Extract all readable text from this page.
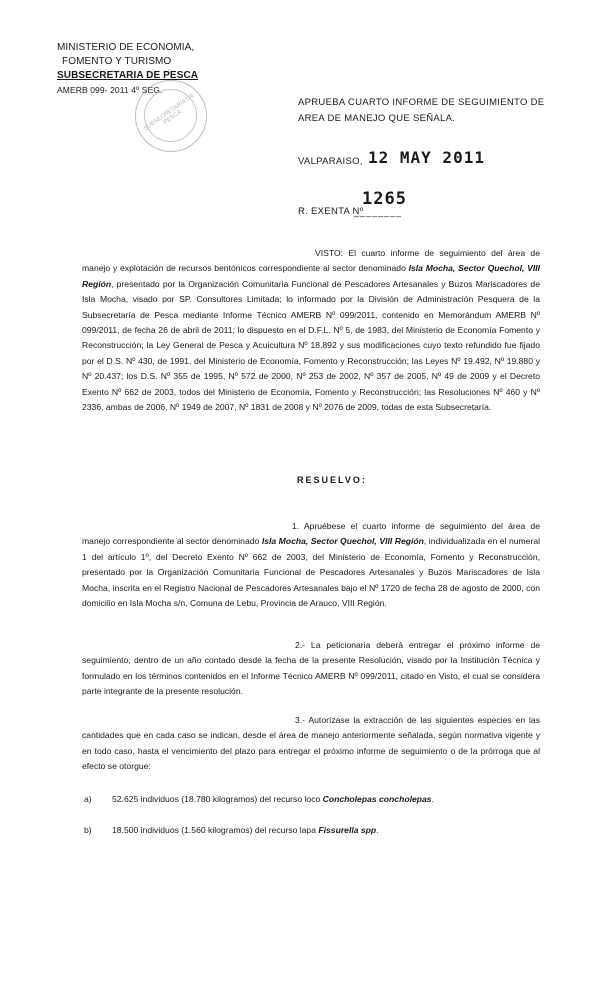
MINISTERIO DE ECONOMIA,
FOMENTO Y TURISMO
SUBSECRETARIA DE PESCA
AMERB 099- 2011 4º SEG.
SUBSECRETARIA DE PESCA
APRUEBA CUARTO INFORME DE SEGUIMIENTO DE AREA DE MANEJO QUE SEÑALA.
VALPARAISO, 12 MAY 2011
1265
R. EXENTA Nº
________
VISTO: El cuarto informe de seguimiento del área de manejo y explotación de recursos bentónicos correspondiente al sector denominado Isla Mocha, Sector Quechol, VIII Región, presentado por la Organización Comunitaria Funcional de Pescadores Artesanales y Buzos Mariscadores de Isla Mocha, visado por SP. Consultores Limitada; lo informado por la División de Administración Pesquera de la Subsecretaría de Pesca mediante Informe Técnico AMERB Nº 099/2011, contenido en Memorándum AMERB Nº 099/2011, de fecha 26 de abril de 2011; lo dispuesto en el D.F.L. Nº 5, de 1983, del Ministerio de Economía Fomento y Reconstrucción; la Ley General de Pesca y Acuicultura Nº 18.892 y sus modificaciones cuyo texto refundido fue fijado por el D.S. Nº 430, de 1991, del Ministerio de Economía, Fomento y Reconstrucción; las Leyes Nº 19.492, Nº 19.880 y Nº 20.437; los D.S. Nº 355 de 1995, Nº 572 de 2000, Nº 253 de 2002, Nº 357 de 2005, Nº 49 de 2009 y el Decreto Exento Nº 662 de 2003, todos del Ministerio de Economía, Fomento y Reconstrucción; las Resoluciones Nº 460 y Nº 2336, ambas de 2006, Nº 1949 de 2007, Nº 1831 de 2008 y Nº 2076 de 2009, todas de esta Subsecretaría.
RESUELVO:
1. Apruébese el cuarto informe de seguimiento del área de manejo correspondiente al sector denominado Isla Mocha, Sector Quechol, VIII Región, individualizada en el numeral 1 del artículo 1º, del Decreto Exento Nº 662 de 2003, del Ministerio de Economía, Fomento y Reconstrucción, presentado por la Organización Comunitaria Funcional de Pescadores Artesanales y Buzos Mariscadores de Isla Mocha, inscrita en el Registro Nacional de Pescadores Artesanales bajo el Nº 1720 de fecha 28 de agosto de 2000, con domicilio en Isla Mocha s/n, Comuna de Lebu, Provincia de Arauco, VIII Región.
2.- La peticionaria deberá entregar el próximo informe de seguimiento, dentro de un año contado desde la fecha de la presente Resolución, visado por la Institución Técnica y formulado en los términos contenidos en el Informe Técnico AMERB Nº 099/2011, citado en Visto, el cual se considera parte integrante de la presente resolución.
3.- Autorízase la extracción de las siguientes especies en las cantidades que en cada caso se indican, desde el área de manejo anteriormente señalada, según normativa vigente y en todo caso, hasta el vencimiento del plazo para entregar el próximo informe de seguimiento o de la prórroga que al efecto se otorgue:
a) 52.625 individuos (18.780 kilogramos) del recurso loco Concholepas concholepas.
b) 18.500 individuos (1.560 kilogramos) del recurso lapa Fissurella spp.
